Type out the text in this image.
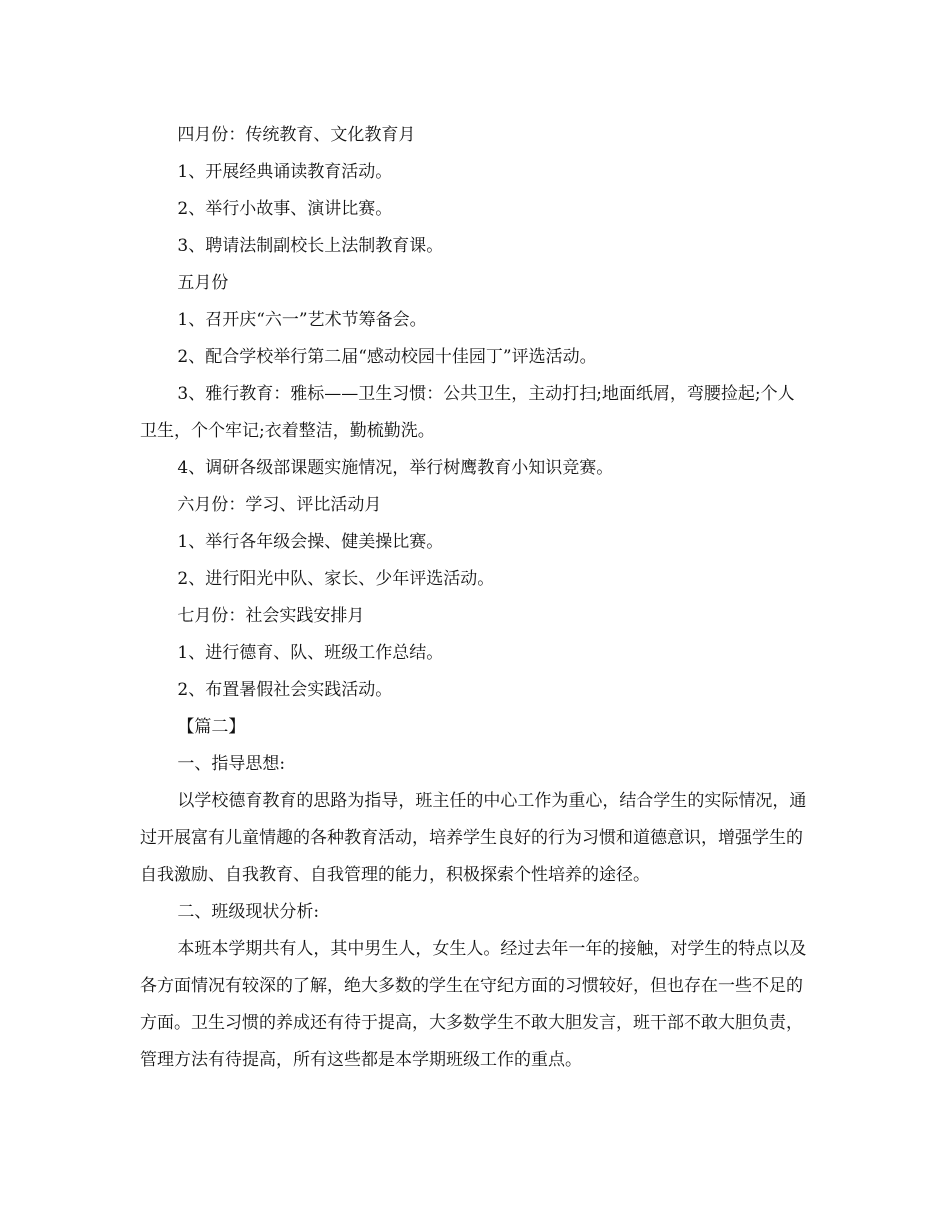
四月份：传统教育、文化教育月

1、开展经典诵读教育活动。

2、举行小故事、演讲比赛。

3、聘请法制副校长上法制教育课。

五月份

1、召开庆“六一”艺术节筹备会。

2、配合学校举行第二届“感动校园十佳园丁”评选活动。

3、雅行教育：雅标——卫生习惯：公共卫生，主动打扫;地面纸屑，弯腰捡起;个人卫生，个个牢记;衣着整洁，勤梳勤洗。

4、调研各级部课题实施情况，举行树鹰教育小知识竞赛。

六月份：学习、评比活动月

1、举行各年级会操、健美操比赛。

2、进行阳光中队、家长、少年评选活动。

七月份：社会实践安排月

1、进行德育、队、班级工作总结。

2、布置暑假社会实践活动。

【篇二】

一、指导思想:

以学校德育教育的思路为指导，班主任的中心工作为重心，结合学生的实际情况，通过开展富有儿童情趣的各种教育活动，培养学生良好的行为习惯和道德意识，增强学生的自我激励、自我教育、自我管理的能力，积极探索个性培养的途径。

二、班级现状分析:

本班本学期共有人，其中男生人，女生人。经过去年一年的接触，对学生的特点以及各方面情况有较深的了解，绝大多数的学生在守纪方面的习惯较好，但也存在一些不足的方面。卫生习惯的养成还有待于提高，大多数学生不敢大胆发言，班干部不敢大胆负责，管理方法有待提高，所有这些都是本学期班级工作的重点。
